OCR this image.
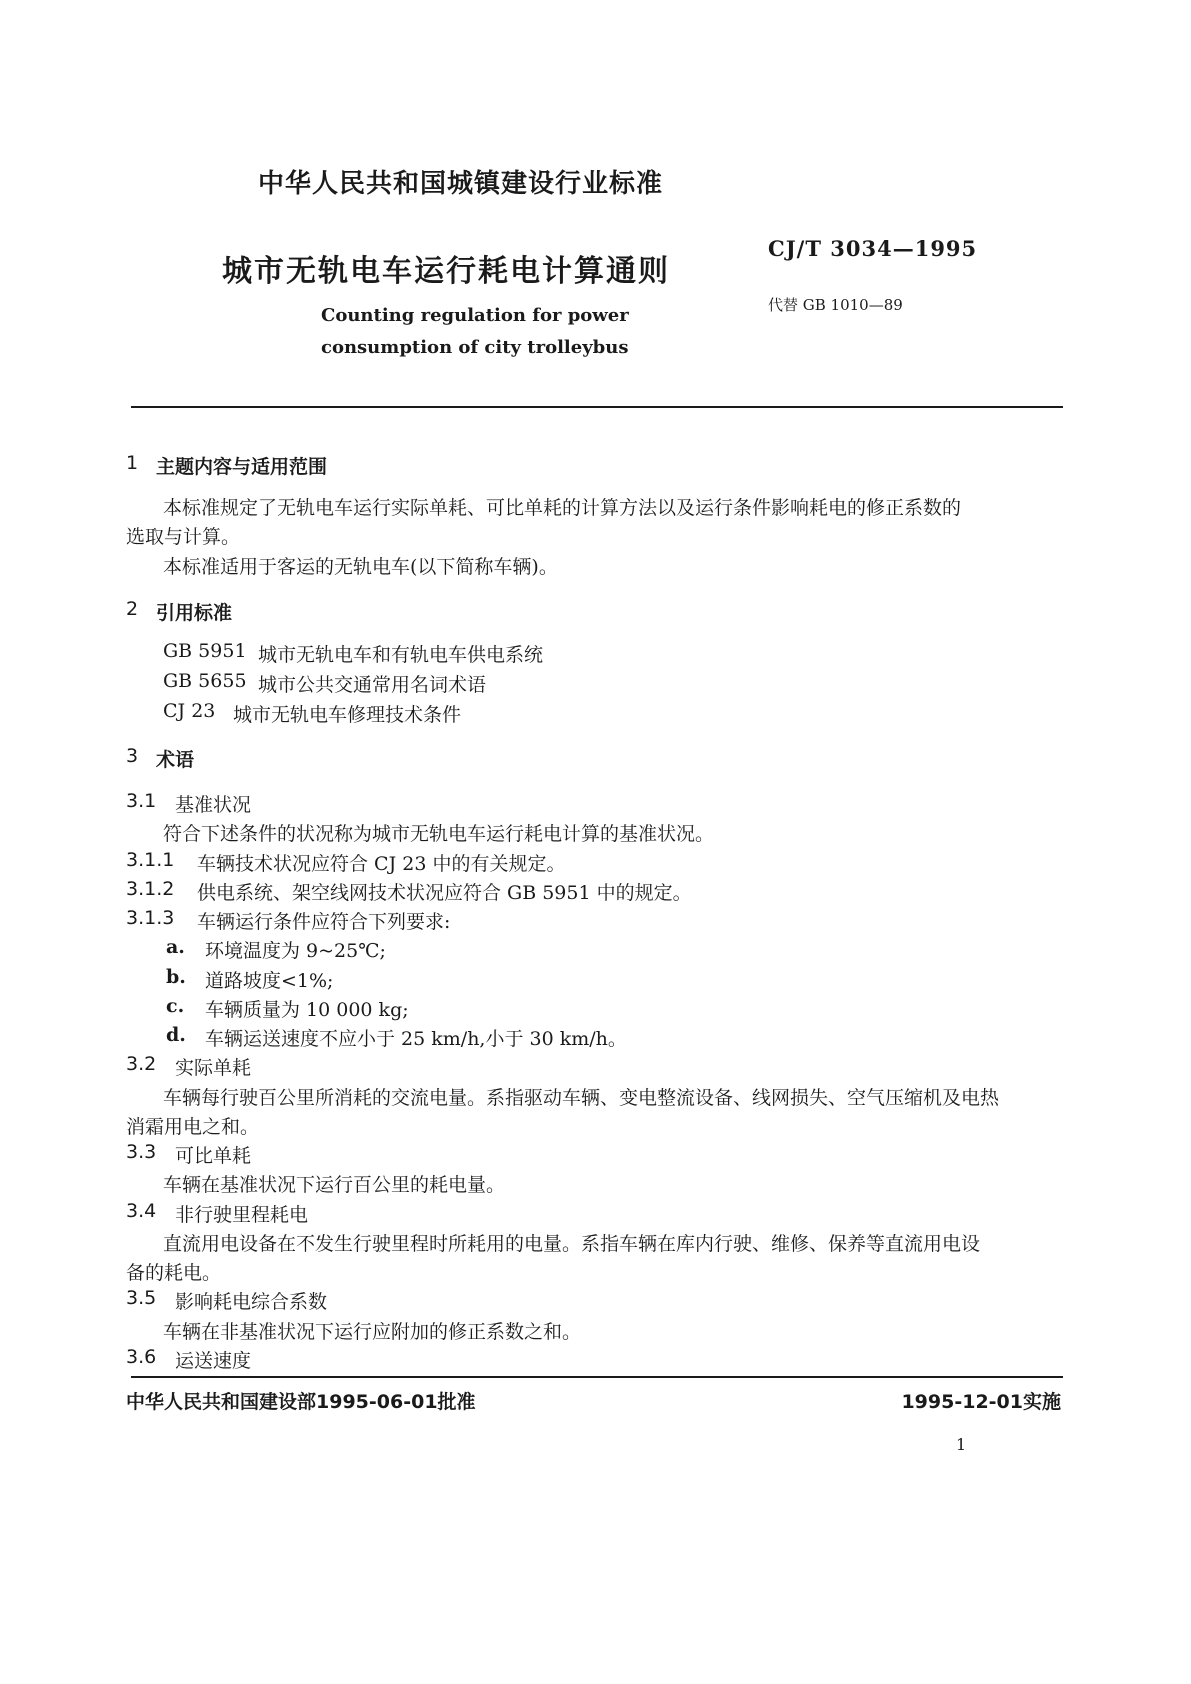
中华人民共和国城镇建设行业标准
城市无轨电车运行耗电计算通则
CJ/T 3034—1995
代替 GB 1010—89
Counting regulation for power
consumption of city trolleybus
1 主题内容与适用范围
本标准规定了无轨电车运行实际单耗、可比单耗的计算方法以及运行条件影响耗电的修正系数的
选取与计算。
本标准适用于客运的无轨电车(以下简称车辆)。
2 引用标准
GB 5951 城市无轨电车和有轨电车供电系统
GB 5655 城市公共交通常用名词术语
CJ 23 城市无轨电车修理技术条件
3 术语
3.1 基准状况
符合下述条件的状况称为城市无轨电车运行耗电计算的基准状况。
3.1.1 车辆技术状况应符合 CJ 23 中的有关规定。
3.1.2 供电系统、架空线网技术状况应符合 GB 5951 中的规定。
3.1.3 车辆运行条件应符合下列要求:
a. 环境温度为 9~25℃;
b. 道路坡度<1%;
c. 车辆质量为 10 000 kg;
d. 车辆运送速度不应小于 25 km/h,小于 30 km/h。
3.2 实际单耗
车辆每行驶百公里所消耗的交流电量。系指驱动车辆、变电整流设备、线网损失、空气压缩机及电热
消霜用电之和。
3.3 可比单耗
车辆在基准状况下运行百公里的耗电量。
3.4 非行驶里程耗电
直流用电设备在不发生行驶里程时所耗用的电量。系指车辆在库内行驶、维修、保养等直流用电设
备的耗电。
3.5 影响耗电综合系数
车辆在非基准状况下运行应附加的修正系数之和。
3.6 运送速度
中华人民共和国建设部1995-06-01批准	1995-12-01实施
1
